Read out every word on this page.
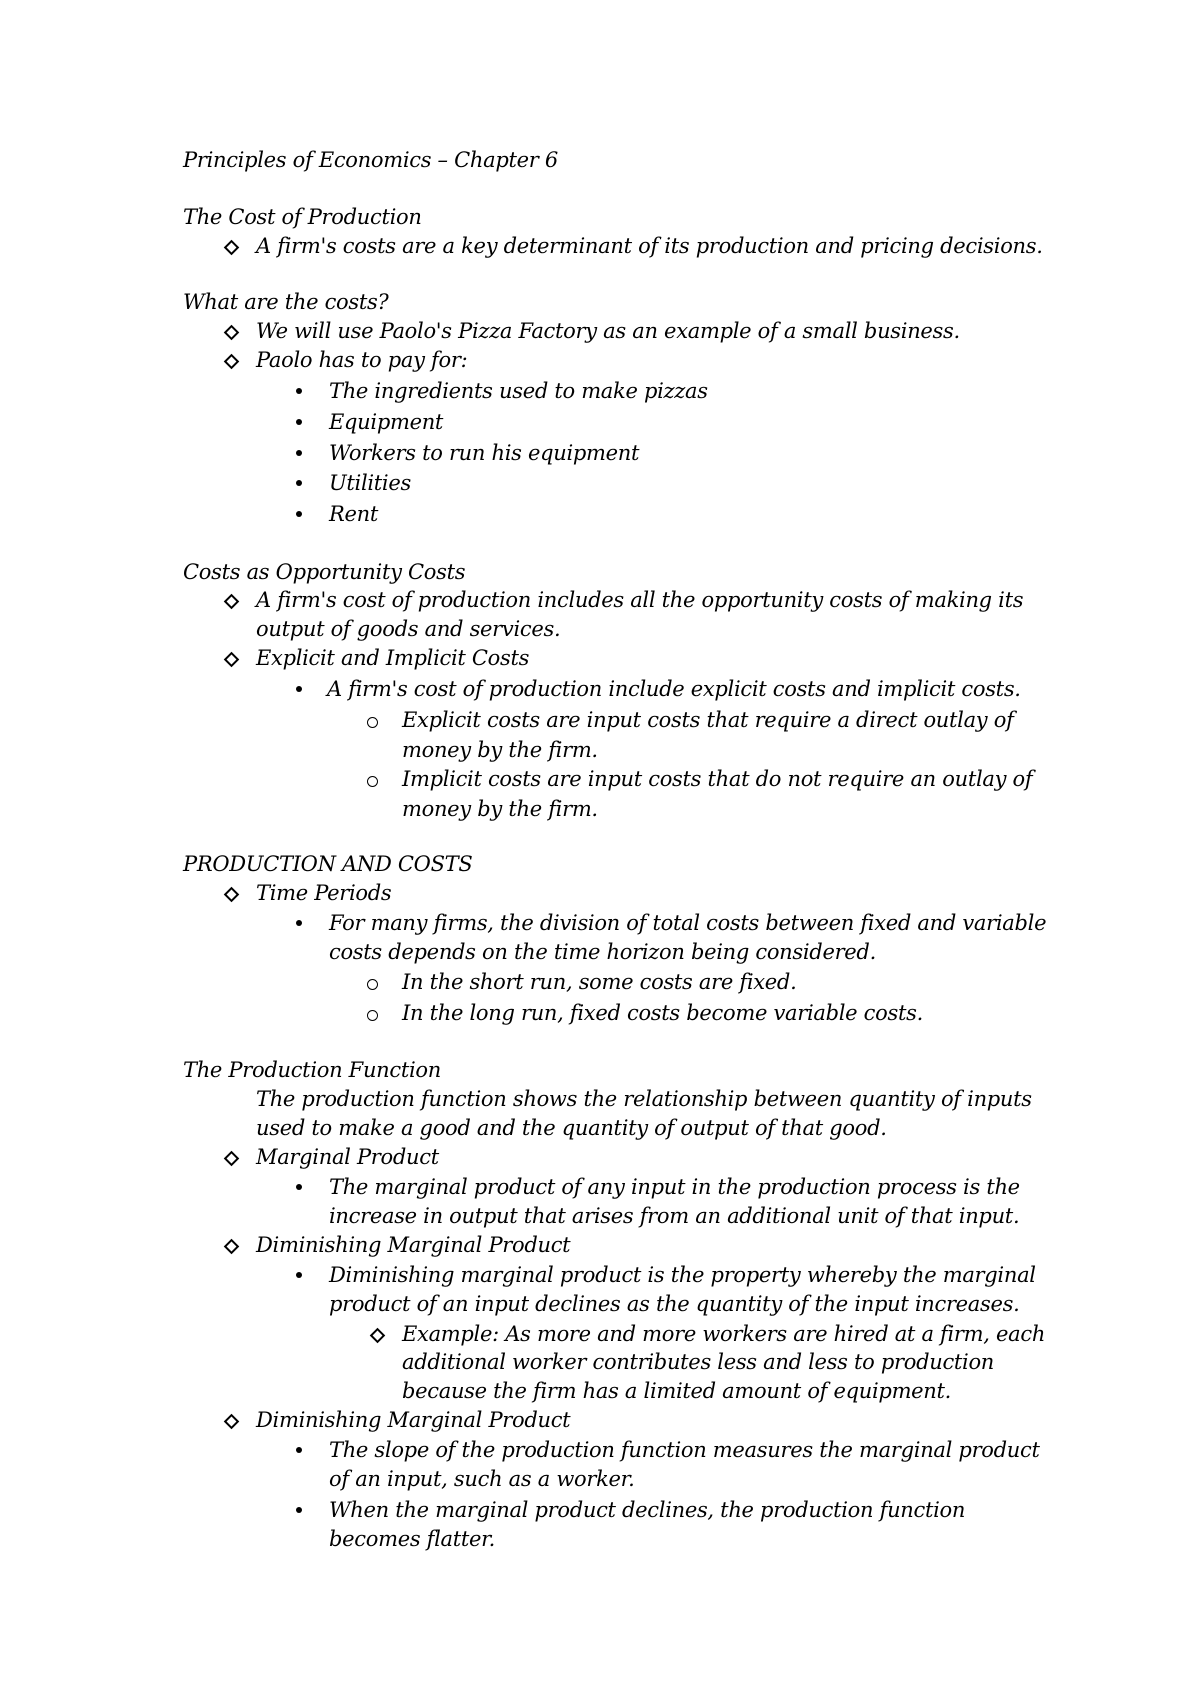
Principles of Economics – Chapter 6
The Cost of Production
A firm's costs are a key determinant of its production and pricing decisions.
What are the costs?
We will use Paolo's Pizza Factory as an example of a small business.
Paolo has to pay for:
The ingredients used to make pizzas
Equipment
Workers to run his equipment
Utilities
Rent
Costs as Opportunity Costs
A firm's cost of production includes all the opportunity costs of making its
output of goods and services.
Explicit and Implicit Costs
A firm's cost of production include explicit costs and implicit costs.
Explicit costs are input costs that require a direct outlay of
money by the firm.
Implicit costs are input costs that do not require an outlay of
money by the firm.
PRODUCTION AND COSTS
Time Periods
For many firms, the division of total costs between fixed and variable
costs depends on the time horizon being considered.
In the short run, some costs are fixed.
In the long run, fixed costs become variable costs.
The Production Function
The production function shows the relationship between quantity of inputs
used to make a good and the quantity of output of that good.
Marginal Product
The marginal product of any input in the production process is the
increase in output that arises from an additional unit of that input.
Diminishing Marginal Product
Diminishing marginal product is the property whereby the marginal
product of an input declines as the quantity of the input increases.
Example: As more and more workers are hired at a firm, each
additional worker contributes less and less to production
because the firm has a limited amount of equipment.
Diminishing Marginal Product
The slope of the production function measures the marginal product
of an input, such as a worker.
When the marginal product declines, the production function
becomes flatter.
